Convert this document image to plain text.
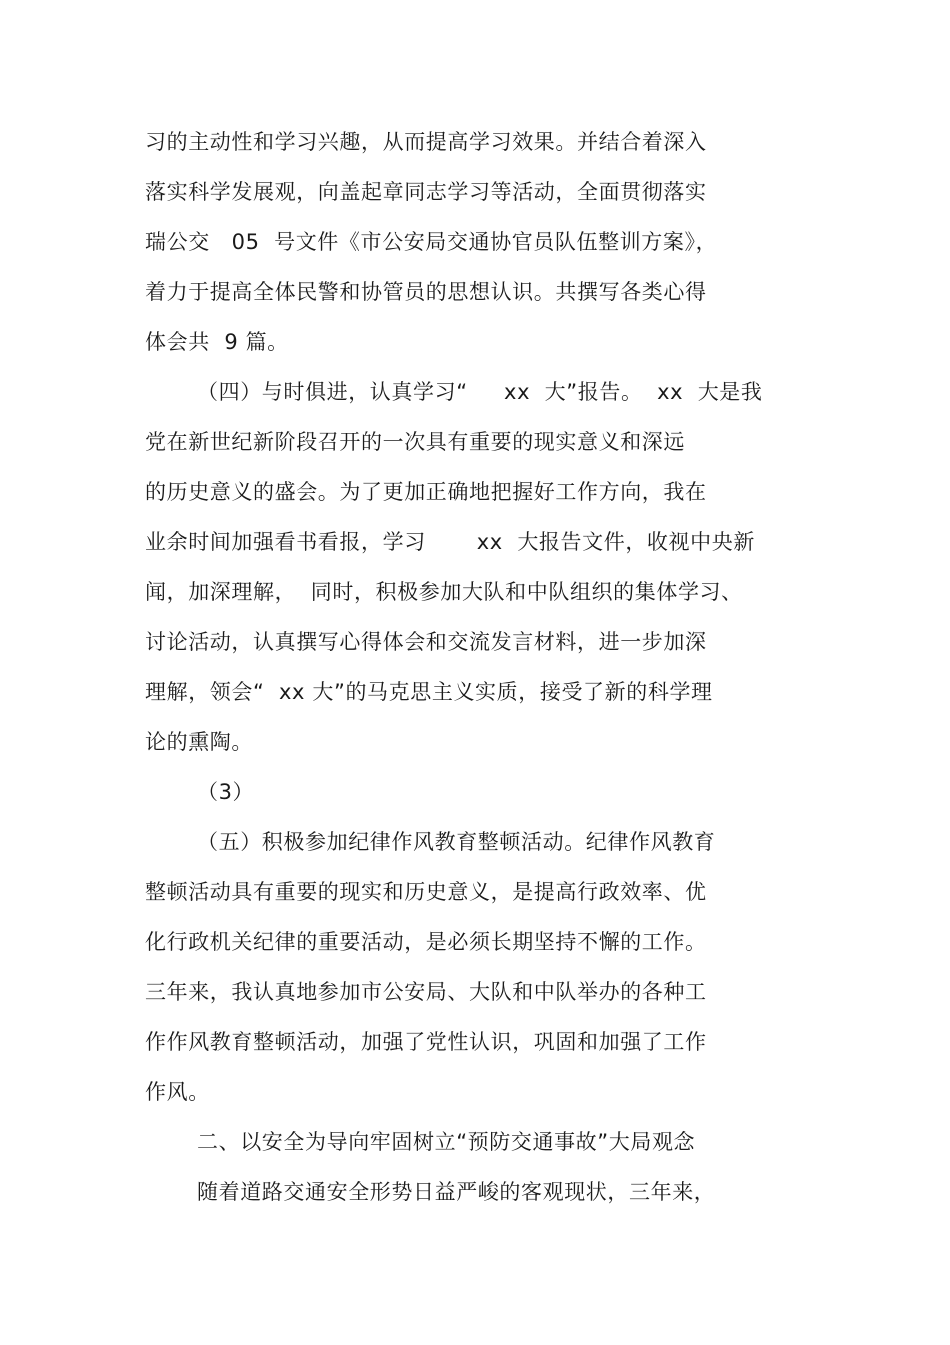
习的主动性和学习兴趣，从而提高学习效果。并结合着深入
落实科学发展观，向盖起章同志学习等活动，全面贯彻落实
瑞公交   05  号文件《市公安局交通协官员队伍整训方案》，
着力于提高全体民警和协管员的思想认识。共撰写各类心得
体会共  9 篇。
（四）与时俱进，认真学习“     xx  大”报告。  xx  大是我
党在新世纪新阶段召开的一次具有重要的现实意义和深远
的历史意义的盛会。为了更加正确地把握好工作方向，我在
业余时间加强看书看报，学习       xx  大报告文件，收视中央新
闻，加深理解，  同时，积极参加大队和中队组织的集体学习、
讨论活动，认真撰写心得体会和交流发言材料，进一步加深
理解，领会“  xx 大”的马克思主义实质，接受了新的科学理
论的熏陶。
（3）
（五）积极参加纪律作风教育整顿活动。纪律作风教育
整顿活动具有重要的现实和历史意义，是提高行政效率、优
化行政机关纪律的重要活动，是必须长期坚持不懈的工作。
三年来，我认真地参加市公安局、大队和中队举办的各种工
作作风教育整顿活动，加强了党性认识，巩固和加强了工作
作风。
二、以安全为导向牢固树立“预防交通事故”大局观念
随着道路交通安全形势日益严峻的客观现状，三年来，
